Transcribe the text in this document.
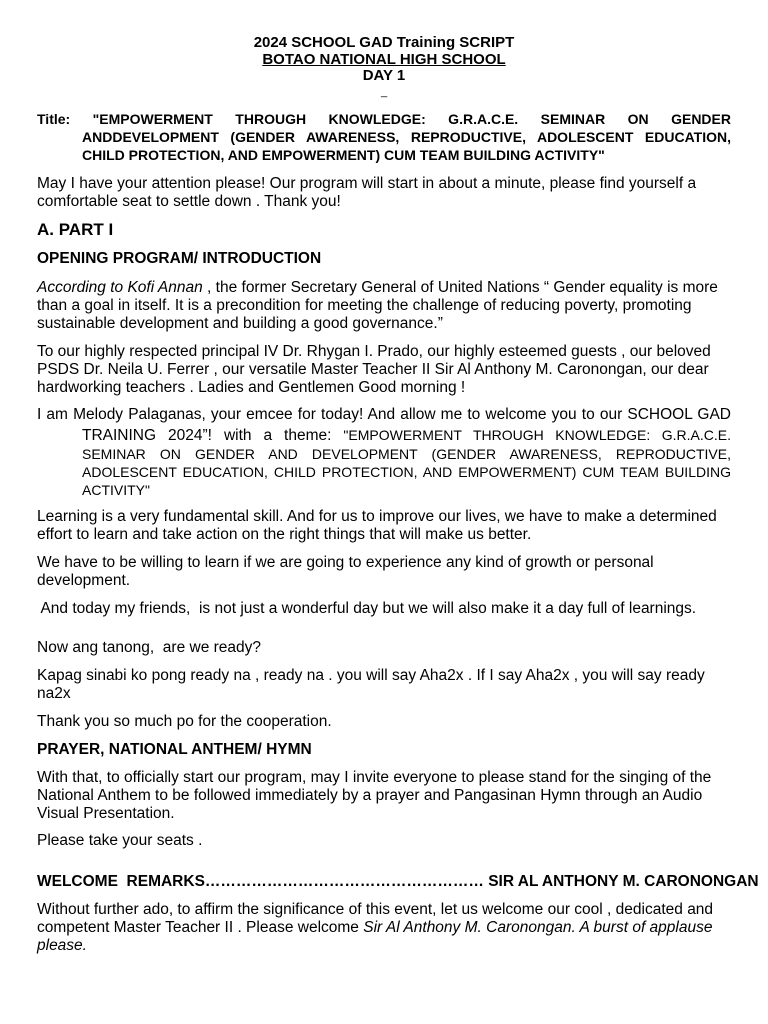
2024 SCHOOL GAD Training SCRIPT
BOTAO NATIONAL HIGH SCHOOL
DAY 1
_
Title: "EMPOWERMENT THROUGH KNOWLEDGE: G.R.A.C.E. SEMINAR ON GENDER
ANDDEVELOPMENT (GENDER AWARENESS, REPRODUCTIVE, ADOLESCENT EDUCATION,
CHILD PROTECTION, AND EMPOWERMENT) CUM TEAM BUILDING ACTIVITY"
May I have your attention please! Our program will start in about a minute, please find yourself a
comfortable seat to settle down . Thank you!
A. PART I
OPENING PROGRAM/ INTRODUCTION
According to Kofi Annan , the former Secretary General of United Nations “ Gender equality is more
than a goal in itself. It is a precondition for meeting the challenge of reducing poverty, promoting
sustainable development and building a good governance.”
To our highly respected principal IV Dr. Rhygan I. Prado, our highly esteemed guests , our beloved
PSDS Dr. Neila U. Ferrer , our versatile Master Teacher II Sir Al Anthony M. Caronongan, our dear
hardworking teachers . Ladies and Gentlemen Good morning !
I am Melody Palaganas, your emcee for today! And allow me to welcome you to our SCHOOL GAD
TRAINING 2024”! with a theme: "EMPOWERMENT THROUGH KNOWLEDGE: G.R.A.C.E.
SEMINAR ON GENDER AND DEVELOPMENT (GENDER AWARENESS, REPRODUCTIVE,
ADOLESCENT EDUCATION, CHILD PROTECTION, AND EMPOWERMENT) CUM TEAM BUILDING
ACTIVITY"
Learning is a very fundamental skill. And for us to improve our lives, we have to make a determined
effort to learn and take action on the right things that will make us better.
We have to be willing to learn if we are going to experience any kind of growth or personal
development.
And today my friends,  is not just a wonderful day but we will also make it a day full of learnings.
Now ang tanong,  are we ready?
Kapag sinabi ko pong ready na , ready na . you will say Aha2x . If I say Aha2x , you will say ready
na2x
Thank you so much po for the cooperation.
PRAYER, NATIONAL ANTHEM/ HYMN
With that, to officially start our program, may I invite everyone to please stand for the singing of the
National Anthem to be followed immediately by a prayer and Pangasinan Hymn through an Audio
Visual Presentation.
Please take your seats .
WELCOME  REMARKS……………………………………………… SIR AL ANTHONY M. CARONONGAN
Without further ado, to affirm the significance of this event, let us welcome our cool , dedicated and
competent Master Teacher II . Please welcome Sir Al Anthony M. Caronongan. A burst of applause
please.
